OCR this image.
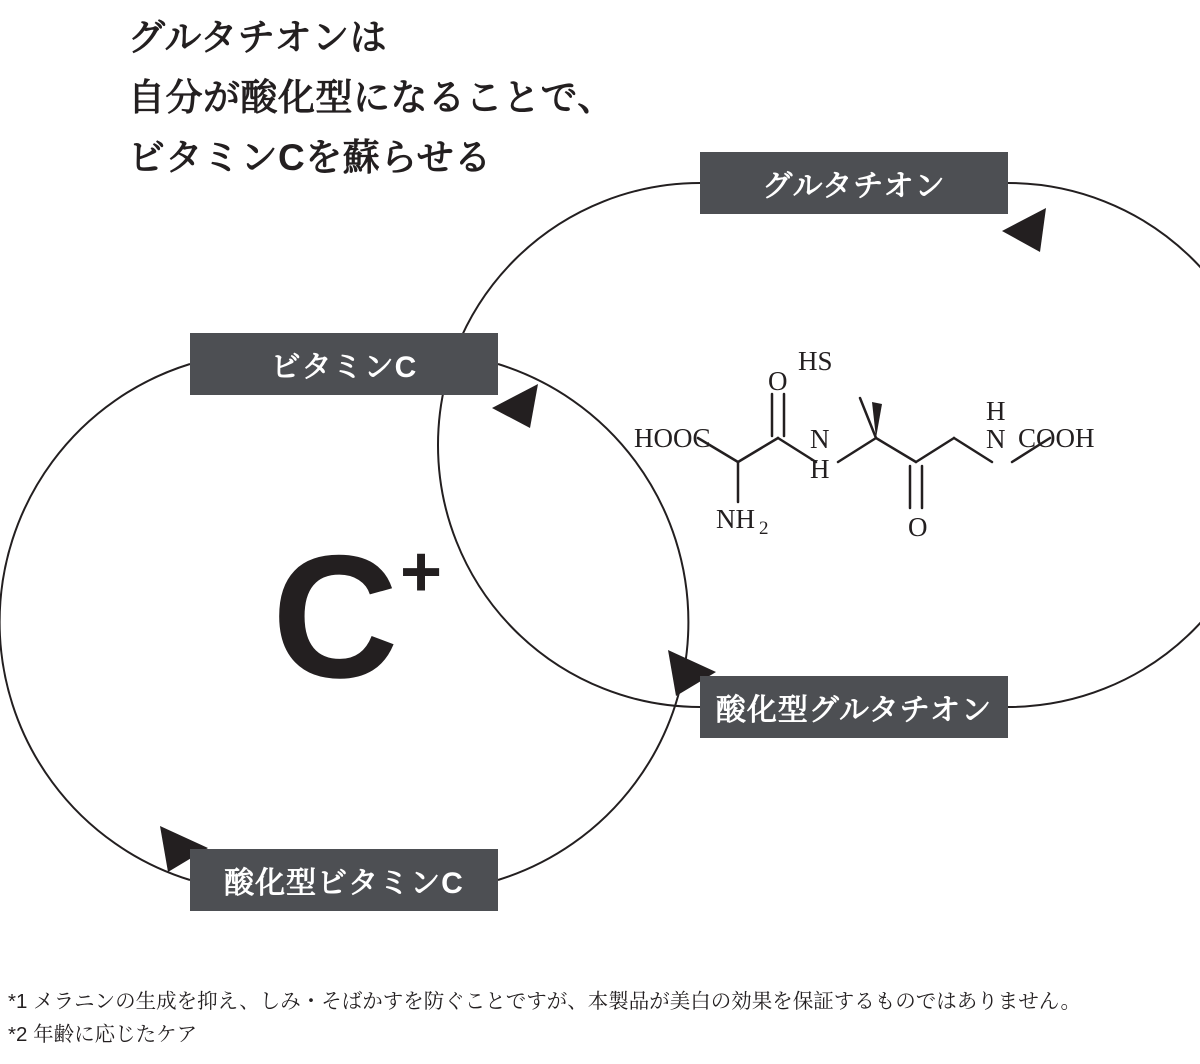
グルタチオンは
自分が酸化型になることで、
ビタミンCを蘇らせる
ビタミンC
酸化型ビタミンC
グルタチオン
酸化型グルタチオン
C +
HOOC
NH 2
O
N
H
HS
O
N
H
COOH
*1 メラニンの生成を抑え、しみ・そばかすを防ぐことですが、本製品が美白の効果を保証するものではありません。
*2 年齢に応じたケア
